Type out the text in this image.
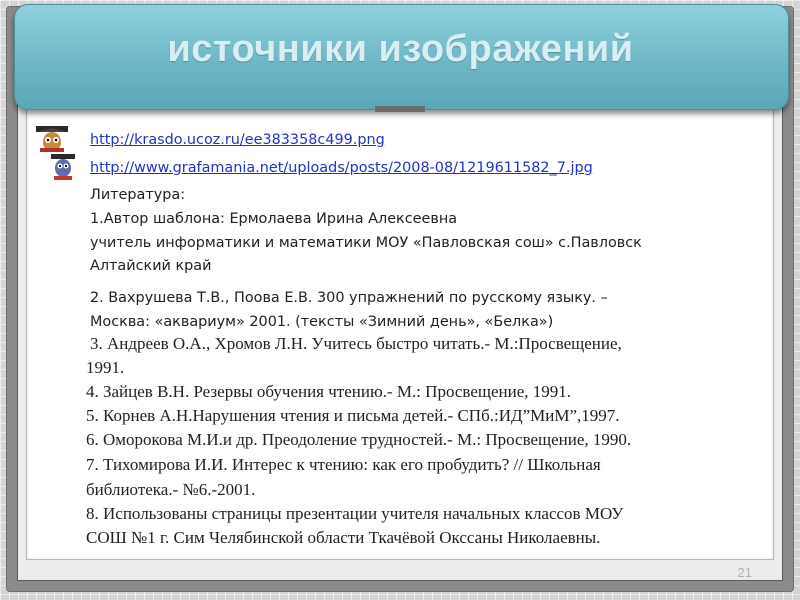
источники изображений
http://krasdo.ucoz.ru/ee383358c499.png
http://www.grafamania.net/uploads/posts/2008-08/1219611582_7.jpg
Литература:
1.Автор шаблона: Ермолаева Ирина Алексеевна
учитель информатики и математики МОУ «Павловская сош» с.Павловск
Алтайский край
2. Вахрушева Т.В., Поова Е.В. 300 упражнений по русскому языку. –
Москва: «аквариум» 2001. (тексты «Зимний день», «Белка»)
3. Андреев О.А., Хромов Л.Н. Учитесь быстро читать.- М.:Просвещение,
1991.
4. Зайцев В.Н. Резервы обучения чтению.- М.: Просвещение, 1991.
5. Корнев А.Н.Нарушения чтения и письма детей.- СПб.:ИД”МиМ”,1997.
6. Оморокова М.И.и др. Преодоление трудностей.- М.: Просвещение, 1990.
7. Тихомирова И.И. Интерес к чтению: как его пробудить? // Школьная
библиотека.- №6.-2001.
8. Использованы страницы презентации учителя начальных классов МОУ
СОШ №1 г. Сим Челябинской области Ткачёвой Окссаны Николаевны.
21
